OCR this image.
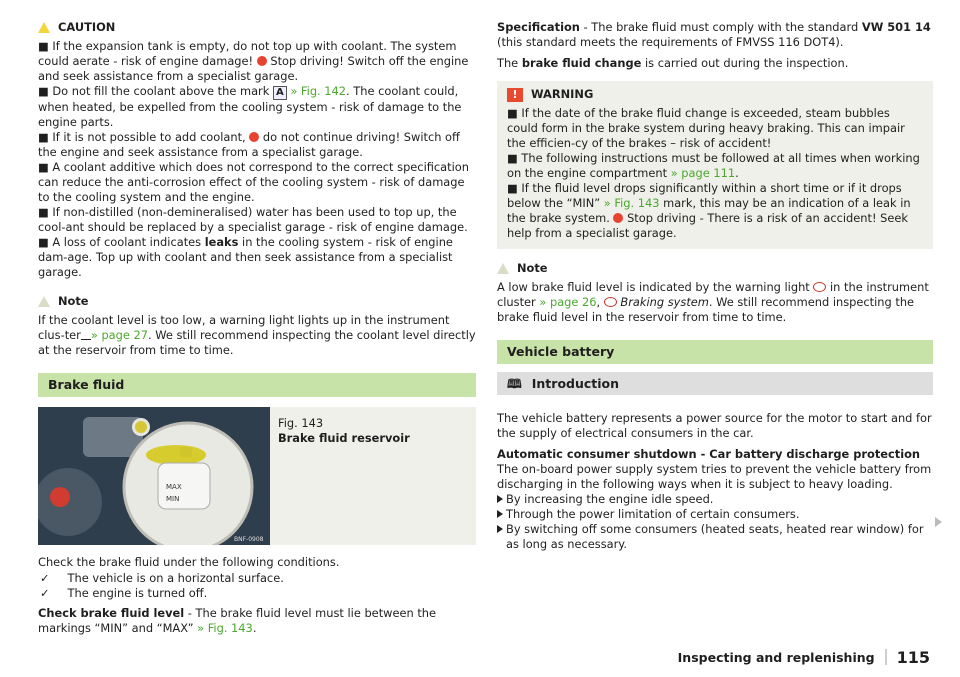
CAUTION

■ If the expansion tank is empty, do not top up with coolant. The system could aerate - risk of engine damage! Stop driving! Switch off the engine and seek assistance from a specialist garage.

■ Do not fill the coolant above the mark A » Fig. 142. The coolant could, when heated, be expelled from the cooling system - risk of damage to the engine parts.

■ If it is not possible to add coolant, do not continue driving! Switch off the engine and seek assistance from a specialist garage.

■ A coolant additive which does not correspond to the correct specification can reduce the anti-corrosion effect of the cooling system - risk of damage to the cooling system and the engine.

■ If non-distilled (non-demineralised) water has been used to top up, the cool-ant should be replaced by a specialist garage - risk of engine damage.

■ A loss of coolant indicates leaks in the cooling system - risk of engine dam-age. Top up with coolant and then seek assistance from a specialist garage.

Note

If the coolant level is too low, a warning light lights up in the instrument clus-ter » page 27. We still recommend inspecting the coolant level directly at the reservoir from time to time.

Brake fluid
MAX
MIN
BNF-0908

Fig. 143

Brake fluid reservoir

Check the brake fluid under the following conditions.

✓ The vehicle is on a horizontal surface.
✓ The engine is turned off.

Check brake fluid level - The brake fluid level must lie between the markings “MIN” and “MAX” » Fig. 143.

Specification - The brake fluid must comply with the standard VW 501 14 (this standard meets the requirements of FMVSS 116 DOT4).

The brake fluid change is carried out during the inspection.

!	WARNING

■ If the date of the brake fluid change is exceeded, steam bubbles could form in the brake system during heavy braking. This can impair the efficien-cy of the brakes – risk of accident!

■ The following instructions must be followed at all times when working on the engine compartment » page 111.

■ If the fluid level drops significantly within a short time or if it drops below the “MIN” » Fig. 143 mark, this may be an indication of a leak in the brake system. Stop driving - There is a risk of an accident! Seek help from a specialist garage.

Note

A low brake fluid level is indicated by the warning light in the instrument cluster » page 26, Braking system. We still recommend inspecting the brake fluid level in the reservoir from time to time.

Vehicle battery
🕮 Introduction

The vehicle battery represents a power source for the motor to start and for the supply of electrical consumers in the car.

Automatic consumer shutdown - Car battery discharge protection

The on-board power supply system tries to prevent the vehicle battery from discharging in the following ways when it is subject to heavy loading.

By increasing the engine idle speed.
Through the power limitation of certain consumers.
By switching off some consumers (heated seats, heated rear window) for as long as necessary.
Inspecting and replenishing 115
